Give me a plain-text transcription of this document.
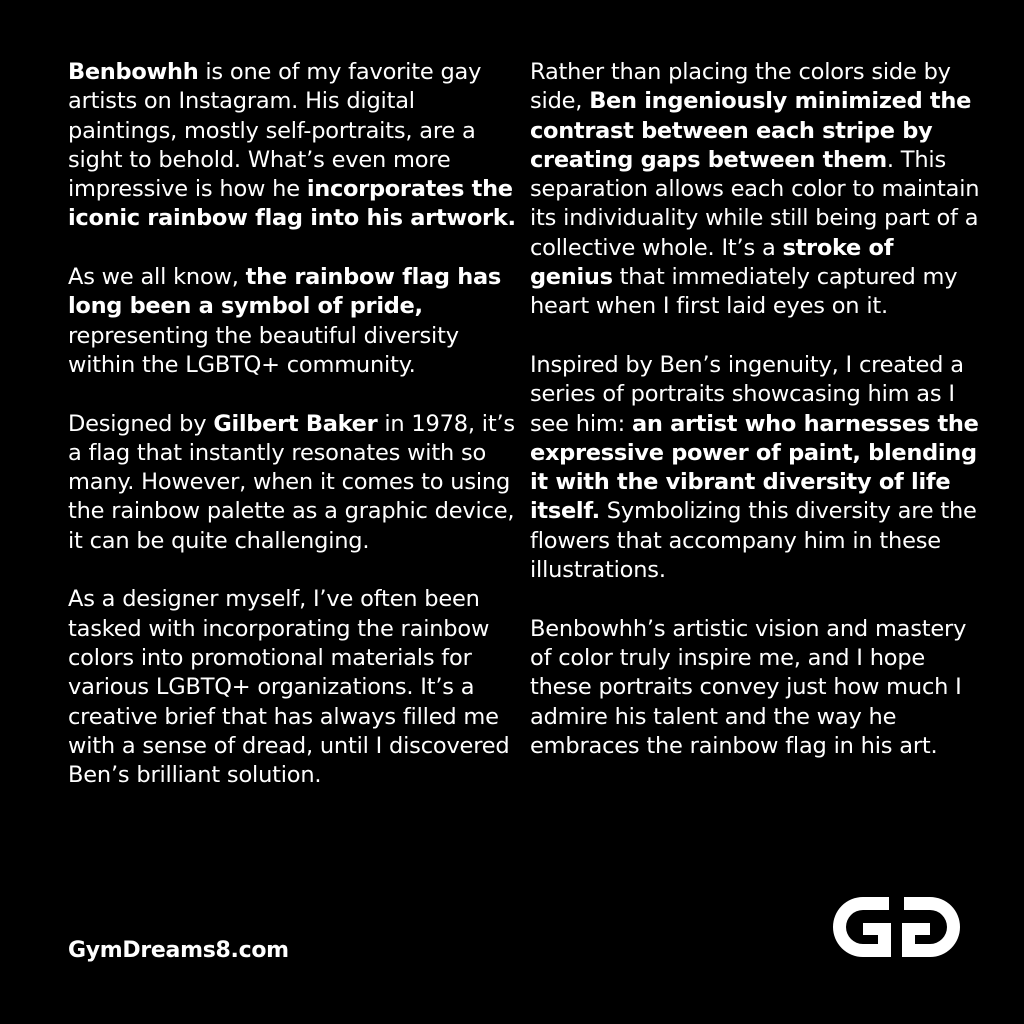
Benbowhh is one of my favorite gay artists on Instagram. His digital paintings, mostly self-portraits, are a sight to behold. What’s even more impressive is how he incorporates the iconic rainbow flag into his artwork.

As we all know, the rainbow flag has long been a symbol of pride, representing the beautiful diversity within the LGBTQ+ community.

Designed by Gilbert Baker in 1978, it’s a flag that instantly resonates with so many. However, when it comes to using the rainbow palette as a graphic device, it can be quite challenging.

As a designer myself, I’ve often been tasked with incorporating the rainbow colors into promotional materials for various LGBTQ+ organizations. It’s a creative brief that has always filled me with a sense of dread, until I discovered Ben’s brilliant solution.

Rather than placing the colors side by side, Ben ingeniously minimized the contrast between each stripe by creating gaps between them. This separation allows each color to maintain its individuality while still being part of a collective whole. It’s a stroke of genius that immediately captured my heart when I first laid eyes on it.

Inspired by Ben’s ingenuity, I created a series of portraits showcasing him as I see him: an artist who harnesses the expressive power of paint, blending it with the vibrant diversity of life itself. Symbolizing this diversity are the flowers that accompany him in these illustrations.

Benbowhh’s artistic vision and mastery of color truly inspire me, and I hope these portraits convey just how much I admire his talent and the way he embraces the rainbow flag in his art.

GymDreams8.com
